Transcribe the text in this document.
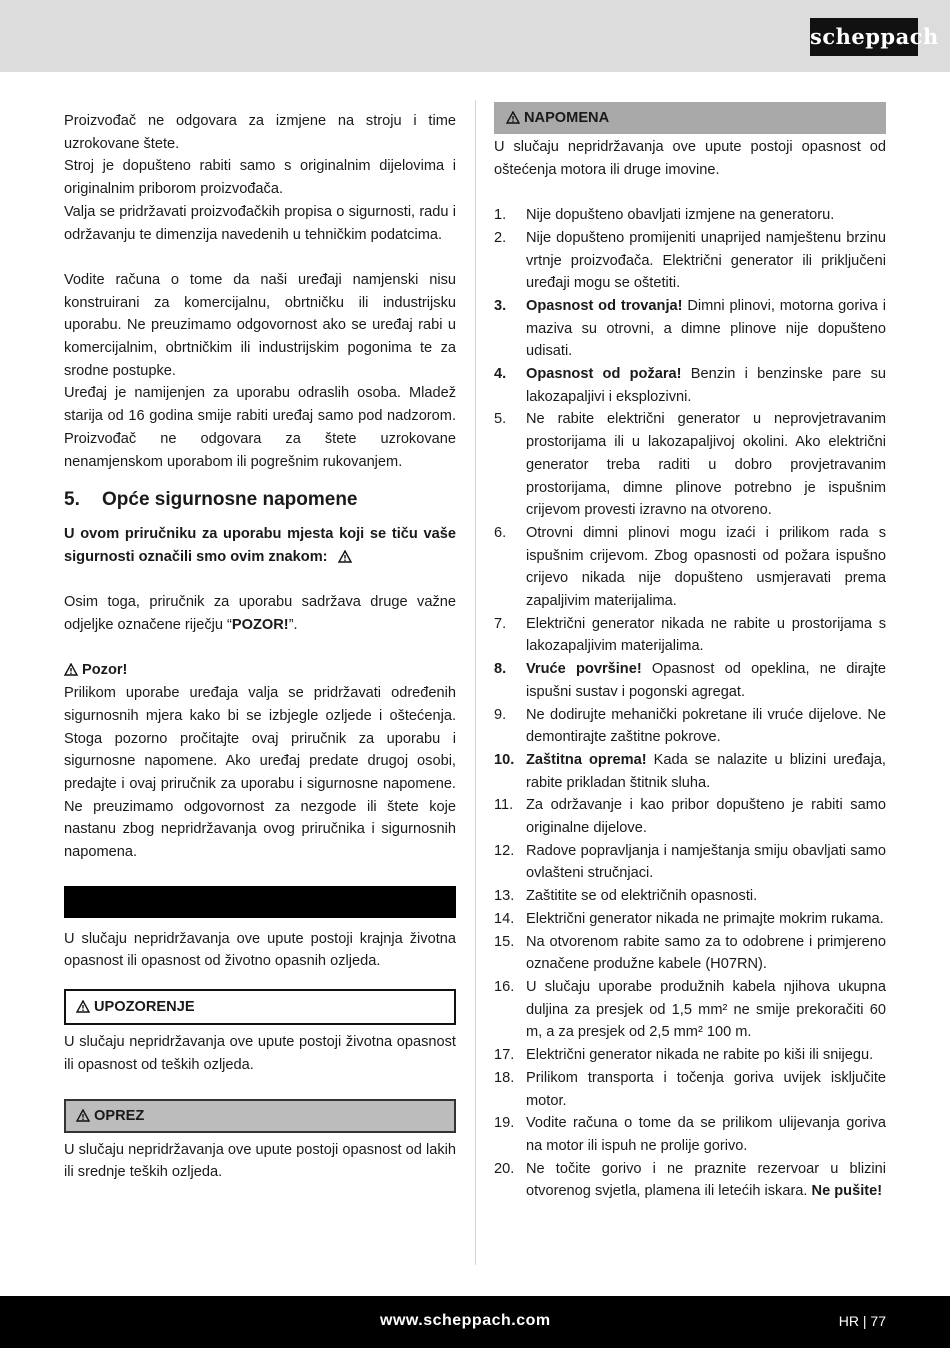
scheppach

Proizvođač ne odgovara za izmjene na stroju i time uzrokovane štete.

Stroj je dopušteno rabiti samo s originalnim dijelovima i originalnim priborom proizvođača.

Valja se pridržavati proizvođačkih propisa o sigurnosti, radu i održavanju te dimenzija navedenih u tehničkim podatcima.

Vodite računa o tome da naši uređaji namjenski nisu konstruirani za komercijalnu, obrtničku ili industrijsku uporabu. Ne preuzimamo odgovornost ako se uređaj rabi u komercijalnim, obrtničkim ili industrijskim pogonima te za srodne postupke.

Uređaj je namijenjen za uporabu odraslih osoba. Mladež starija od 16 godina smije rabiti uređaj samo pod nadzorom. Proizvođač ne odgovara za štete uzrokovane nenamjenskom uporabom ili pogrešnim rukovanjem.

5.	Opće sigurnosne napomene

U ovom priručniku za uporabu mjesta koji se tiču vaše sigurnosti označili smo ovim znakom:

Osim toga, priručnik za uporabu sadržava druge važne odjeljke označene riječju “POZOR!”.

Pozor!

Prilikom uporabe uređaja valja se pridržavati određenih sigurnosnih mjera kako bi se izbjegle ozljede i oštećenja. Stoga pozorno pročitajte ovaj priručnik za uporabu i sigurnosne napomene. Ako uređaj predate drugoj osobi, predajte i ovaj priručnik za uporabu i sigurnosne napomene. Ne preuzimamo odgovornost za nezgode ili štete koje nastanu zbog nepridržavanja ovog priručnika i sigurnosnih napomena.

U slučaju nepridržavanja ove upute postoji krajnja životna opasnost ili opasnost od životno opasnih ozljeda.

UPOZORENJE

U slučaju nepridržavanja ove upute postoji životna opasnost ili opasnost od teških ozljeda.

OPREZ

U slučaju nepridržavanja ove upute postoji opasnost od lakih ili srednje teških ozljeda.

NAPOMENA

U slučaju nepridržavanja ove upute postoji opasnost od oštećenja motora ili druge imovine.

1.	Nije dopušteno obavljati izmjene na generatoru.
2.	Nije dopušteno promijeniti unaprijed namještenu brzinu vrtnje proizvođača. Električni generator ili priključeni uređaji mogu se oštetiti.
3.	Opasnost od trovanja! Dimni plinovi, motorna goriva i maziva su otrovni, a dimne plinove nije dopušteno udisati.
4.	Opasnost od požara! Benzin i benzinske pare su lakozapaljivi i eksplozivni.
5.	Ne rabite električni generator u neprovjetravanim prostorijama ili u lakozapaljivoj okolini. Ako električni generator treba raditi u dobro provjetravanim prostorijama, dimne plinove potrebno je ispušnim crijevom provesti izravno na otvoreno.
6.	Otrovni dimni plinovi mogu izaći i prilikom rada s ispušnim crijevom. Zbog opasnosti od požara ispušno crijevo nikada nije dopušteno usmjeravati prema zapaljivim materijalima.
7.	Električni generator nikada ne rabite u prostorijama s lakozapaljivim materijalima.
8.	Vruće površine! Opasnost od opeklina, ne dirajte ispušni sustav i pogonski agregat.
9.	Ne dodirujte mehanički pokretane ili vruće dijelove. Ne demontirajte zaštitne pokrove.
10. Zaštitna oprema! Kada se nalazite u blizini uređaja, rabite prikladan štitnik sluha.
11. Za održavanje i kao pribor dopušteno je rabiti samo originalne dijelove.
12. Radove popravljanja i namještanja smiju obavljati samo ovlašteni stručnjaci.
13. Zaštitite se od električnih opasnosti.
14. Električni generator nikada ne primajte mokrim rukama.
15. Na otvorenom rabite samo za to odobrene i primjereno označene produžne kabele (H07RN).
16. U slučaju uporabe produžnih kabela njihova ukupna duljina za presjek od 1,5 mm² ne smije prekoračiti 60 m, a za presjek od 2,5 mm² 100 m.
17. Električni generator nikada ne rabite po kiši ili snijegu.
18. Prilikom transporta i točenja goriva uvijek isključite motor.
19. Vodite računa o tome da se prilikom ulijevanja goriva na motor ili ispuh ne prolije gorivo.
20. Ne točite gorivo i ne praznite rezervoar u blizini otvorenog svjetla, plamena ili letećih iskara. Ne pušite!
www.scheppach.com	HR | 77
